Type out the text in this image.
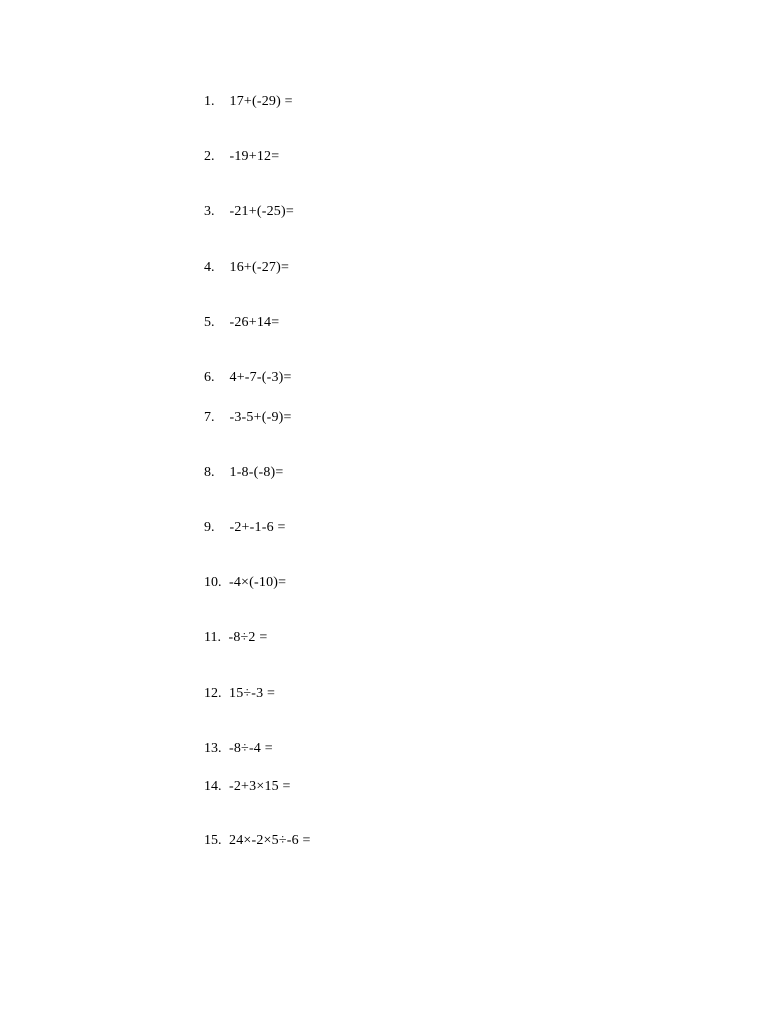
1. 17+(-29) =
2. -19+12=
3. -21+(-25)=
4. 16+(-27)=
5. -26+14=
6. 4+-7-(-3)=
7. -3-5+(-9)=
8. 1-8-(-8)=
9. -2+-1-6 =
10. -4×(-10)=
11. -8÷2 =
12. 15÷-3 =
13. -8÷-4 =
14. -2+3×15 =
15. 24×-2×5÷-6 =
